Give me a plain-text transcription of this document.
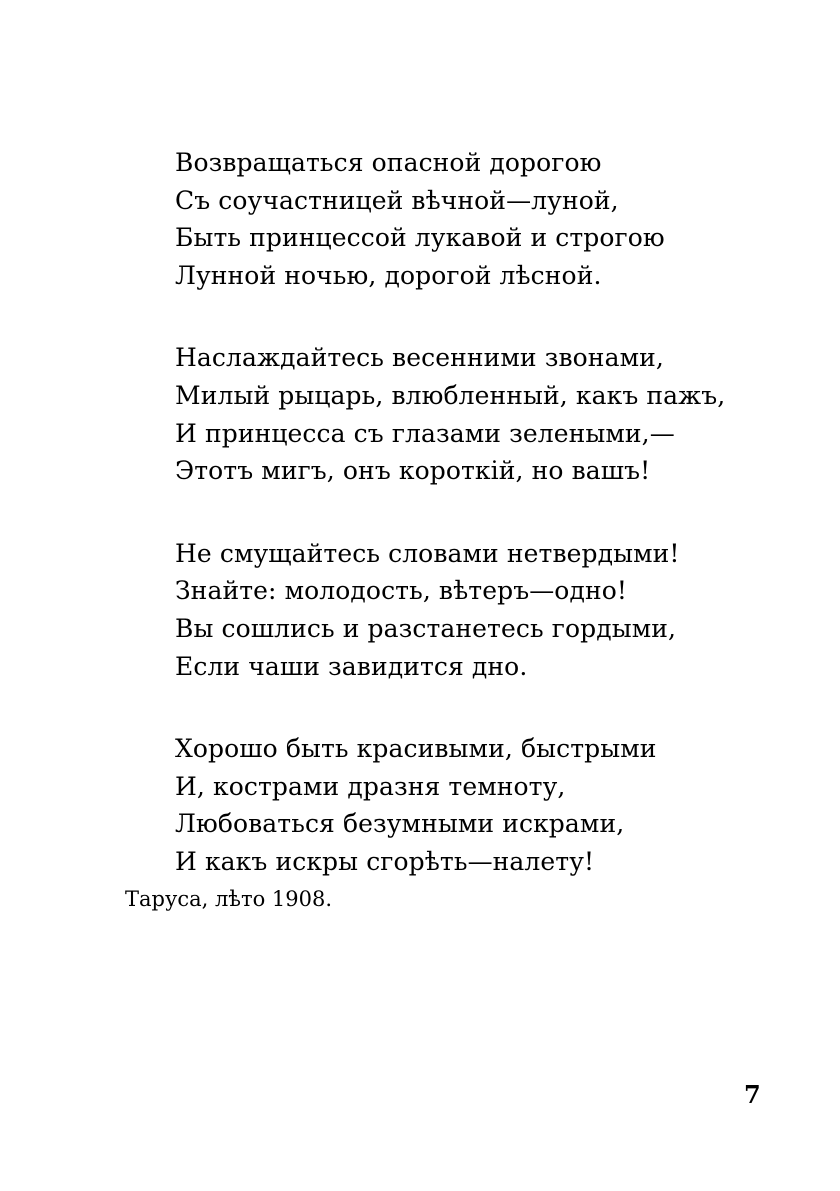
Возвращаться опасной дорогою
Съ соучастницей вѣчной—луной,
Быть принцессой лукавой и строгою
Лунной ночью, дорогой лѣсной.
Наслаждайтесь весенними звонами,
Милый рыцарь, влюбленный, какъ пажъ,
И принцесса съ глазами зелеными,—
Этотъ мигъ, онъ короткій, но вашъ!
Не смущайтесь словами нетвердыми!
Знайте: молодость, вѣтеръ—одно!
Вы сошлись и разстанетесь гордыми,
Если чаши завидится дно.
Хорошо быть красивыми, быстрыми
И, кострами дразня темноту,
Любоваться безумными искрами,
И какъ искры сгорѣть—налету!
Таруса, лѣто 1908.
7
